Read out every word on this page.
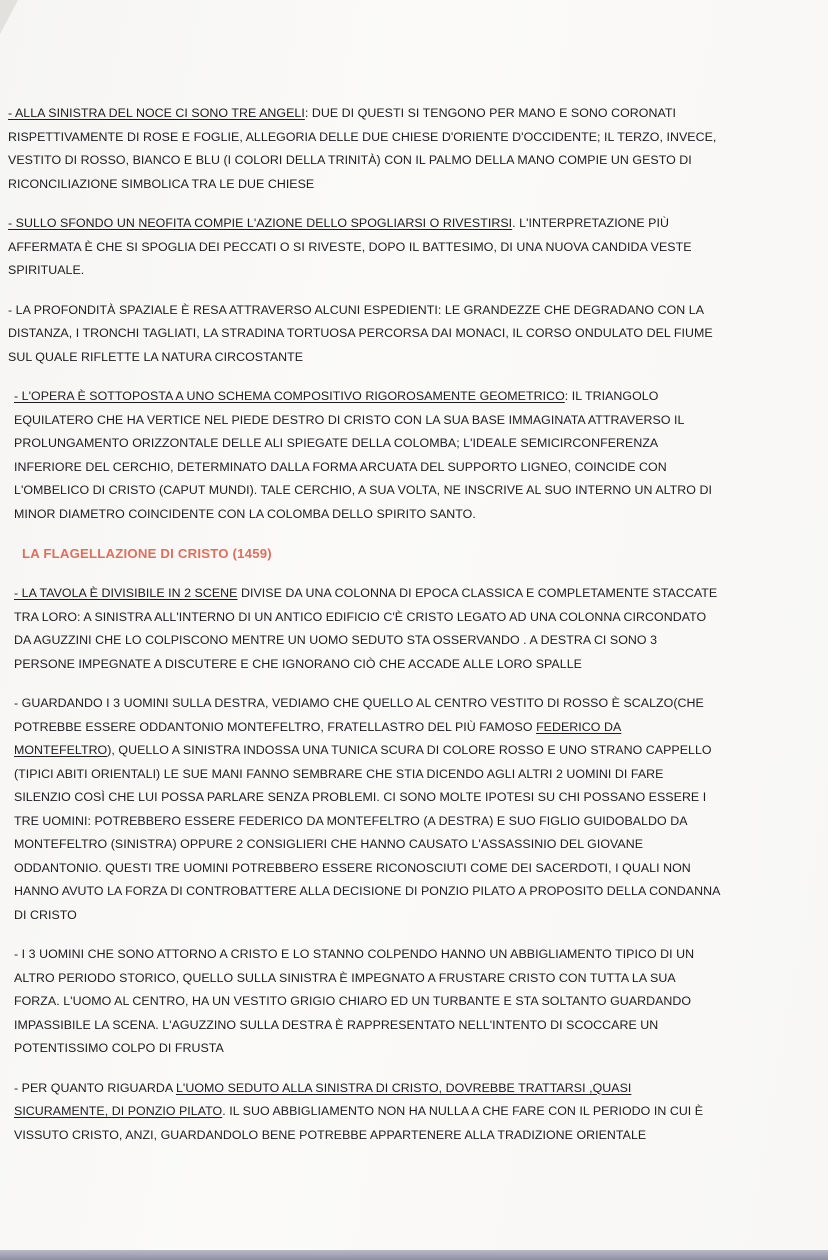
- ALLA SINISTRA DEL NOCE CI SONO TRE ANGELI: DUE DI QUESTI SI TENGONO PER MANO E SONO CORONATI RISPETTIVAMENTE DI ROSE E FOGLIE, ALLEGORIA DELLE DUE CHIESE D'ORIENTE D'OCCIDENTE; IL TERZO, INVECE, VESTITO DI ROSSO, BIANCO E BLU (I COLORI DELLA TRINITÀ) CON IL PALMO DELLA MANO COMPIE UN GESTO DI RICONCILIAZIONE SIMBOLICA TRA LE DUE CHIESE

- SULLO SFONDO UN NEOFITA COMPIE L'AZIONE DELLO SPOGLIARSI O RIVESTIRSI. L'INTERPRETAZIONE PIÙ AFFERMATA È CHE SI SPOGLIA DEI PECCATI O SI RIVESTE, DOPO IL BATTESIMO, DI UNA NUOVA CANDIDA VESTE SPIRITUALE.

- LA PROFONDITÀ SPAZIALE È RESA ATTRAVERSO ALCUNI ESPEDIENTI: LE GRANDEZZE CHE DEGRADANO CON LA DISTANZA, I TRONCHI TAGLIATI, LA STRADINA TORTUOSA PERCORSA DAI MONACI, IL CORSO ONDULATO DEL FIUME SUL QUALE RIFLETTE LA NATURA CIRCOSTANTE

- L'OPERA È SOTTOPOSTA A UNO SCHEMA COMPOSITIVO RIGOROSAMENTE GEOMETRICO: IL TRIANGOLO EQUILATERO CHE HA VERTICE NEL PIEDE DESTRO DI CRISTO CON LA SUA BASE IMMAGINATA ATTRAVERSO IL PROLUNGAMENTO ORIZZONTALE DELLE ALI SPIEGATE DELLA COLOMBA; L'IDEALE SEMICIRCONFERENZA INFERIORE DEL CERCHIO, DETERMINATO DALLA FORMA ARCUATA DEL SUPPORTO LIGNEO, COINCIDE CON L'OMBELICO DI CRISTO (CAPUT MUNDI). TALE CERCHIO, A SUA VOLTA, NE INSCRIVE AL SUO INTERNO UN ALTRO DI MINOR DIAMETRO COINCIDENTE CON LA COLOMBA DELLO SPIRITO SANTO.

LA FLAGELLAZIONE DI CRISTO (1459)

- LA TAVOLA È DIVISIBILE IN 2 SCENE DIVISE DA UNA COLONNA DI EPOCA CLASSICA E COMPLETAMENTE STACCATE TRA LORO: A SINISTRA ALL'INTERNO DI UN ANTICO EDIFICIO C'È CRISTO LEGATO AD UNA COLONNA CIRCONDATO DA AGUZZINI CHE LO COLPISCONO MENTRE UN UOMO SEDUTO STA OSSERVANDO . A DESTRA CI SONO 3 PERSONE IMPEGNATE A DISCUTERE E CHE IGNORANO CIÒ CHE ACCADE ALLE LORO SPALLE

- GUARDANDO I 3 UOMINI SULLA DESTRA, VEDIAMO CHE QUELLO AL CENTRO VESTITO DI ROSSO È SCALZO(CHE POTREBBE ESSERE ODDANTONIO MONTEFELTRO, FRATELLASTRO DEL PIÙ FAMOSO FEDERICO DA MONTEFELTRO), QUELLO A SINISTRA INDOSSA UNA TUNICA SCURA DI COLORE ROSSO E UNO STRANO CAPPELLO (TIPICI ABITI ORIENTALI) LE SUE MANI FANNO SEMBRARE CHE STIA DICENDO AGLI ALTRI 2 UOMINI DI FARE SILENZIO COSÌ CHE LUI POSSA PARLARE SENZA PROBLEMI. CI SONO MOLTE IPOTESI SU CHI POSSANO ESSERE I TRE UOMINI: POTREBBERO ESSERE FEDERICO DA MONTEFELTRO (A DESTRA) E SUO FIGLIO GUIDOBALDO DA MONTEFELTRO (SINISTRA) OPPURE 2 CONSIGLIERI CHE HANNO CAUSATO L'ASSASSINIO DEL GIOVANE ODDANTONIO. QUESTI TRE UOMINI POTREBBERO ESSERE RICONOSCIUTI COME DEI SACERDOTI, I QUALI NON HANNO AVUTO LA FORZA DI CONTROBATTERE ALLA DECISIONE DI PONZIO PILATO A PROPOSITO DELLA CONDANNA DI CRISTO

- I 3 UOMINI CHE SONO ATTORNO A CRISTO E LO STANNO COLPENDO HANNO UN ABBIGLIAMENTO TIPICO DI UN ALTRO PERIODO STORICO, QUELLO SULLA SINISTRA È IMPEGNATO A FRUSTARE CRISTO CON TUTTA LA SUA FORZA. L'UOMO AL CENTRO, HA UN VESTITO GRIGIO CHIARO ED UN TURBANTE E STA SOLTANTO GUARDANDO IMPASSIBILE LA SCENA. L'AGUZZINO SULLA DESTRA È RAPPRESENTATO NELL'INTENTO DI SCOCCARE UN POTENTISSIMO COLPO DI FRUSTA

- PER QUANTO RIGUARDA L'UOMO SEDUTO ALLA SINISTRA DI CRISTO, DOVREBBE TRATTARSI ,QUASI SICURAMENTE, DI PONZIO PILATO. IL SUO ABBIGLIAMENTO NON HA NULLA A CHE FARE CON IL PERIODO IN CUI È VISSUTO CRISTO, ANZI, GUARDANDOLO BENE POTREBBE APPARTENERE ALLA TRADIZIONE ORIENTALE
